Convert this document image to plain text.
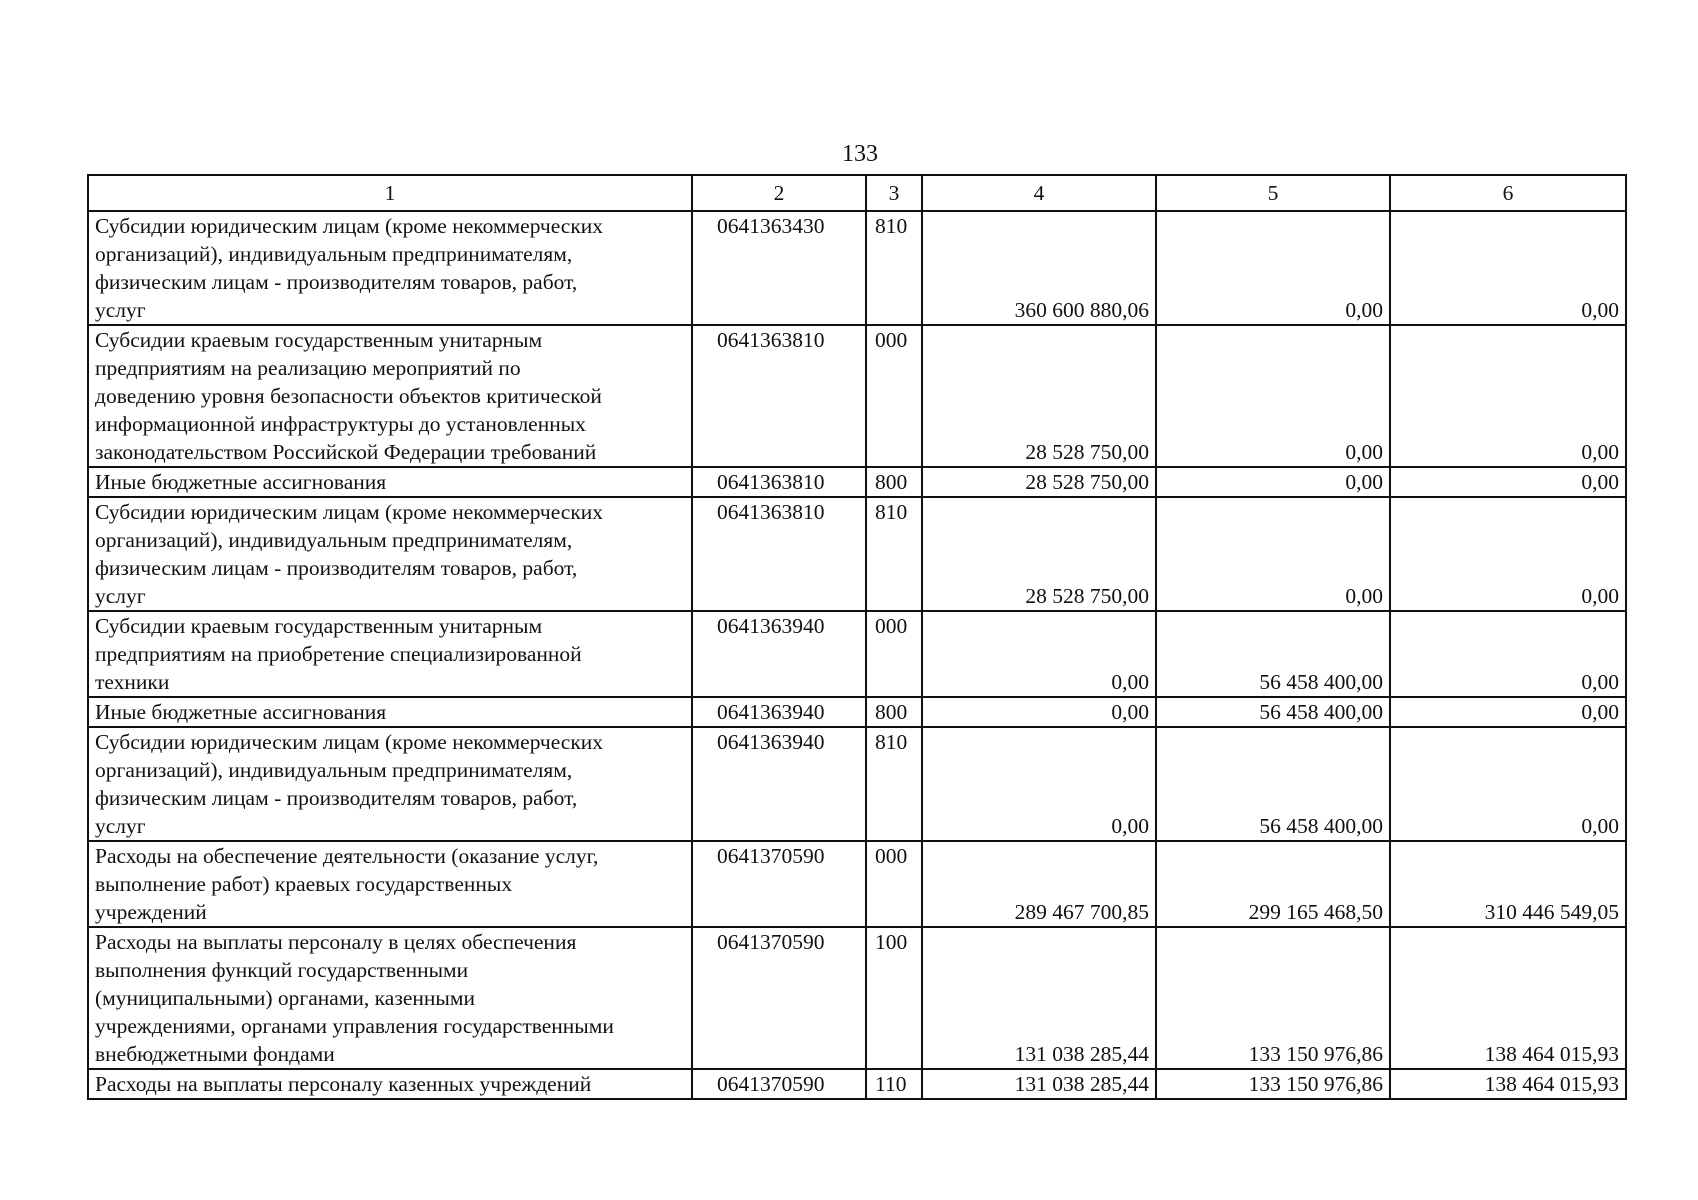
133
1	2	3	4	5	6

Субсидии юридическим лицам (кроме некоммерческих
организаций), индивидуальным предпринимателям,
физическим лицам - производителям товаров, работ,
услуг	0641363430	810	360 600 880,06	0,00	0,00

Субсидии краевым государственным унитарным
предприятиям на реализацию мероприятий по
доведению уровня безопасности объектов критической
информационной инфраструктуры до установленных
законодательством Российской Федерации требований	0641363810	000	28 528 750,00	0,00	0,00

Иные бюджетные ассигнования	0641363810	800	28 528 750,00	0,00	0,00

Субсидии юридическим лицам (кроме некоммерческих
организаций), индивидуальным предпринимателям,
физическим лицам - производителям товаров, работ,
услуг	0641363810	810	28 528 750,00	0,00	0,00

Субсидии краевым государственным унитарным
предприятиям на приобретение специализированной
техники	0641363940	000	0,00	56 458 400,00	0,00

Иные бюджетные ассигнования	0641363940	800	0,00	56 458 400,00	0,00

Субсидии юридическим лицам (кроме некоммерческих
организаций), индивидуальным предпринимателям,
физическим лицам - производителям товаров, работ,
услуг	0641363940	810	0,00	56 458 400,00	0,00

Расходы на обеспечение деятельности (оказание услуг,
выполнение работ) краевых государственных
учреждений	0641370590	000	289 467 700,85	299 165 468,50	310 446 549,05

Расходы на выплаты персоналу в целях обеспечения
выполнения функций государственными
(муниципальными) органами, казенными
учреждениями, органами управления государственными
внебюджетными фондами	0641370590	100	131 038 285,44	133 150 976,86	138 464 015,93

Расходы на выплаты персоналу казенных учреждений	0641370590	110	131 038 285,44	133 150 976,86	138 464 015,93
